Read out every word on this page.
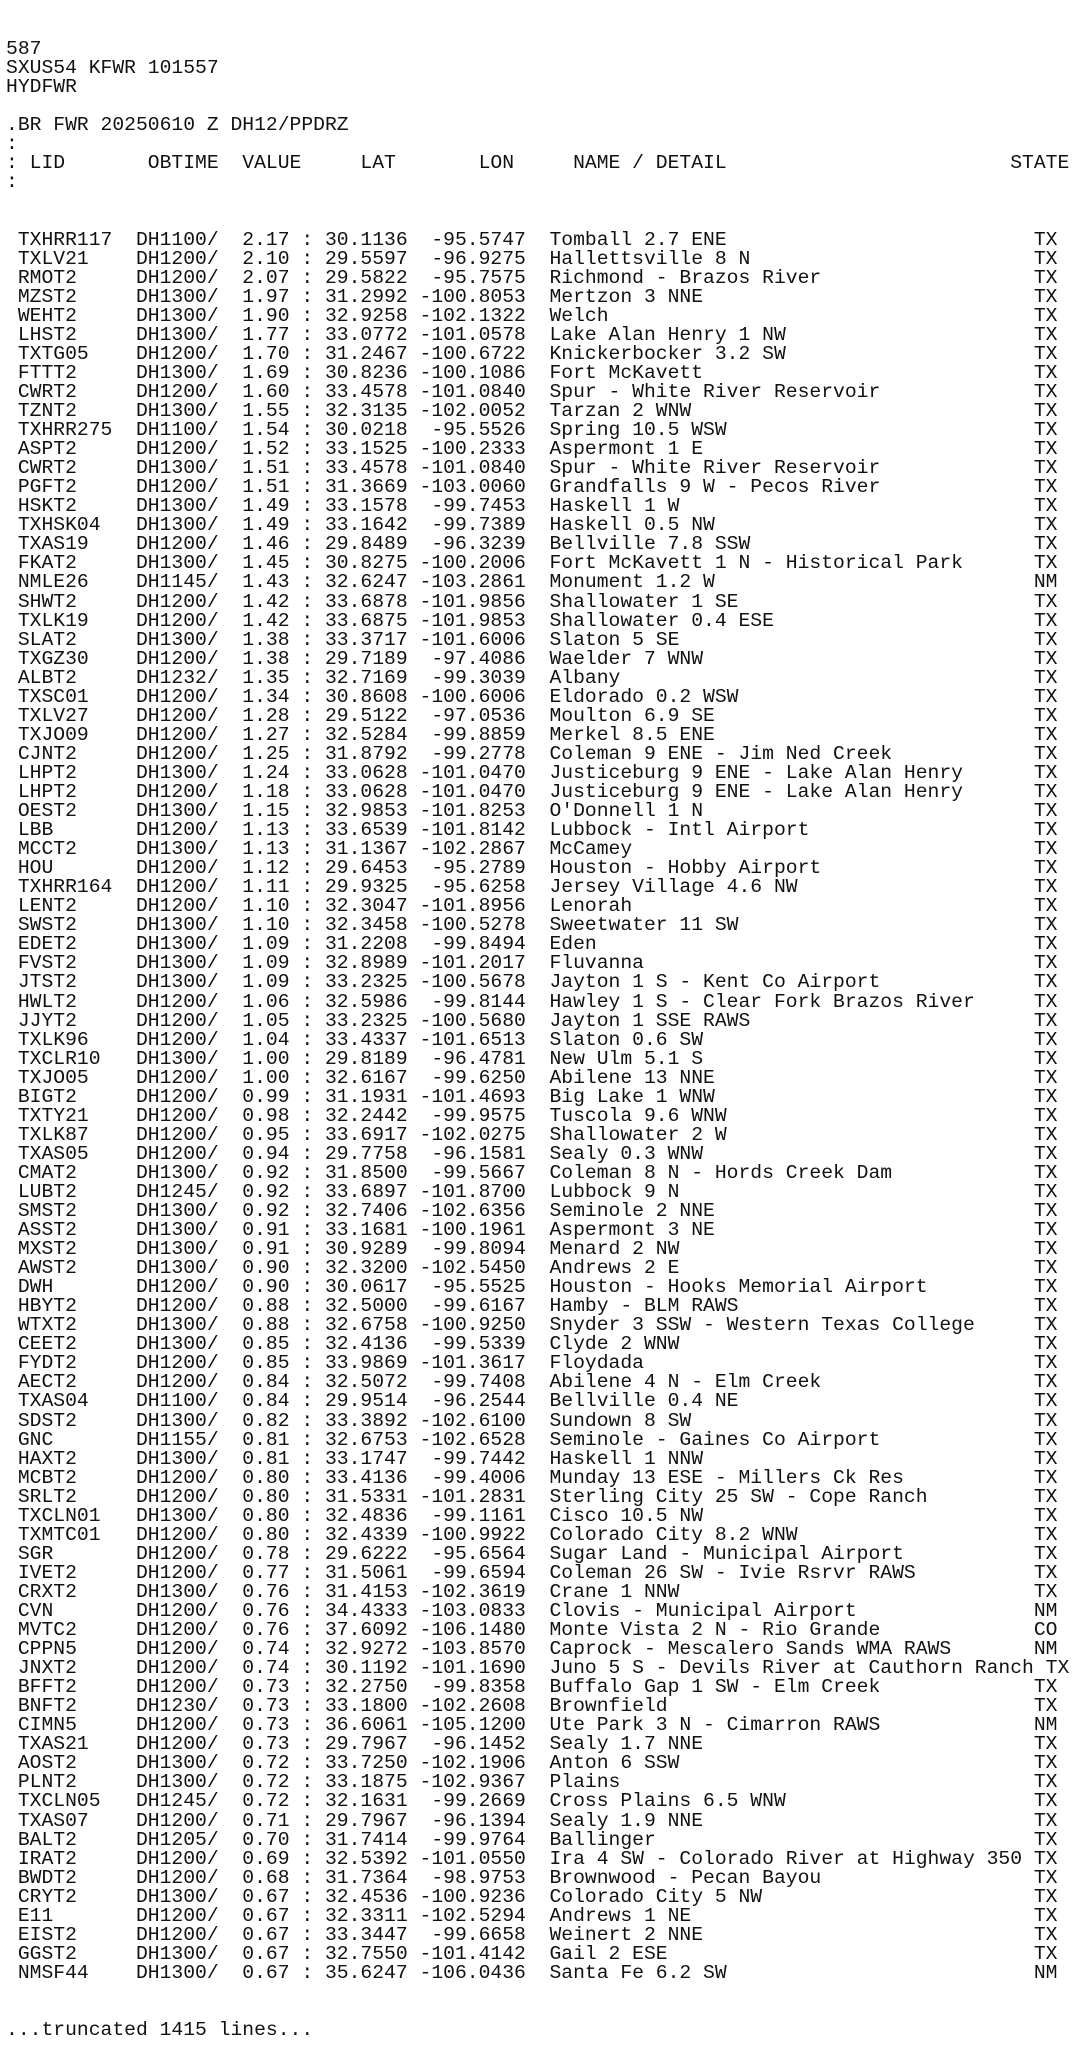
587
SXUS54 KFWR 101557
HYDFWR
.BR FWR 20250610 Z DH12/PPDRZ
:
: LID       OBTIME  VALUE     LAT       LON     NAME / DETAIL                        STATE
:

TXHRR117  DH1100/  2.17 : 30.1136  -95.5747  Tomball 2.7 ENE                          TX
TXLV21    DH1200/  2.10 : 29.5597  -96.9275  Hallettsville 8 N                        TX
RMOT2     DH1200/  2.07 : 29.5822  -95.7575  Richmond - Brazos River                  TX
MZST2     DH1300/  1.97 : 31.2992 -100.8053  Mertzon 3 NNE                            TX
WEHT2     DH1300/  1.90 : 32.9258 -102.1322  Welch                                    TX
LHST2     DH1300/  1.77 : 33.0772 -101.0578  Lake Alan Henry 1 NW                     TX
TXTG05    DH1200/  1.70 : 31.2467 -100.6722  Knickerbocker 3.2 SW                     TX
FTTT2     DH1300/  1.69 : 30.8236 -100.1086  Fort McKavett                            TX
CWRT2     DH1200/  1.60 : 33.4578 -101.0840  Spur - White River Reservoir             TX
TZNT2     DH1300/  1.55 : 32.3135 -102.0052  Tarzan 2 WNW                             TX
TXHRR275  DH1100/  1.54 : 30.0218  -95.5526  Spring 10.5 WSW                          TX
ASPT2     DH1200/  1.52 : 33.1525 -100.2333  Aspermont 1 E                            TX
CWRT2     DH1300/  1.51 : 33.4578 -101.0840  Spur - White River Reservoir             TX
PGFT2     DH1200/  1.51 : 31.3669 -103.0060  Grandfalls 9 W - Pecos River             TX
HSKT2     DH1300/  1.49 : 33.1578  -99.7453  Haskell 1 W                              TX
TXHSK04   DH1300/  1.49 : 33.1642  -99.7389  Haskell 0.5 NW                           TX
TXAS19    DH1200/  1.46 : 29.8489  -96.3239  Bellville 7.8 SSW                        TX
FKAT2     DH1300/  1.45 : 30.8275 -100.2006  Fort McKavett 1 N - Historical Park      TX
NMLE26    DH1145/  1.43 : 32.6247 -103.2861  Monument 1.2 W                           NM
SHWT2     DH1200/  1.42 : 33.6878 -101.9856  Shallowater 1 SE                         TX
TXLK19    DH1200/  1.42 : 33.6875 -101.9853  Shallowater 0.4 ESE                      TX
SLAT2     DH1300/  1.38 : 33.3717 -101.6006  Slaton 5 SE                              TX
TXGZ30    DH1200/  1.38 : 29.7189  -97.4086  Waelder 7 WNW                            TX
ALBT2     DH1232/  1.35 : 32.7169  -99.3039  Albany                                   TX
TXSC01    DH1200/  1.34 : 30.8608 -100.6006  Eldorado 0.2 WSW                         TX
TXLV27    DH1200/  1.28 : 29.5122  -97.0536  Moulton 6.9 SE                           TX
TXJO09    DH1200/  1.27 : 32.5284  -99.8859  Merkel 8.5 ENE                           TX
CJNT2     DH1200/  1.25 : 31.8792  -99.2778  Coleman 9 ENE - Jim Ned Creek            TX
LHPT2     DH1300/  1.24 : 33.0628 -101.0470  Justiceburg 9 ENE - Lake Alan Henry      TX
LHPT2     DH1200/  1.18 : 33.0628 -101.0470  Justiceburg 9 ENE - Lake Alan Henry      TX
OEST2     DH1300/  1.15 : 32.9853 -101.8253  O'Donnell 1 N                            TX
LBB       DH1200/  1.13 : 33.6539 -101.8142  Lubbock - Intl Airport                   TX
MCCT2     DH1300/  1.13 : 31.1367 -102.2867  McCamey                                  TX
HOU       DH1200/  1.12 : 29.6453  -95.2789  Houston - Hobby Airport                  TX
TXHRR164  DH1200/  1.11 : 29.9325  -95.6258  Jersey Village 4.6 NW                    TX
LENT2     DH1200/  1.10 : 32.3047 -101.8956  Lenorah                                  TX
SWST2     DH1300/  1.10 : 32.3458 -100.5278  Sweetwater 11 SW                         TX
EDET2     DH1300/  1.09 : 31.2208  -99.8494  Eden                                     TX
FVST2     DH1300/  1.09 : 32.8989 -101.2017  Fluvanna                                 TX
JTST2     DH1300/  1.09 : 33.2325 -100.5678  Jayton 1 S - Kent Co Airport             TX
HWLT2     DH1200/  1.06 : 32.5986  -99.8144  Hawley 1 S - Clear Fork Brazos River     TX
JJYT2     DH1200/  1.05 : 33.2325 -100.5680  Jayton 1 SSE RAWS                        TX
TXLK96    DH1200/  1.04 : 33.4337 -101.6513  Slaton 0.6 SW                            TX
TXCLR10   DH1300/  1.00 : 29.8189  -96.4781  New Ulm 5.1 S                            TX
TXJO05    DH1200/  1.00 : 32.6167  -99.6250  Abilene 13 NNE                           TX
BIGT2     DH1200/  0.99 : 31.1931 -101.4693  Big Lake 1 WNW                           TX
TXTY21    DH1200/  0.98 : 32.2442  -99.9575  Tuscola 9.6 WNW                          TX
TXLK87    DH1200/  0.95 : 33.6917 -102.0275  Shallowater 2 W                          TX
TXAS05    DH1200/  0.94 : 29.7758  -96.1581  Sealy 0.3 WNW                            TX
CMAT2     DH1300/  0.92 : 31.8500  -99.5667  Coleman 8 N - Hords Creek Dam            TX
LUBT2     DH1245/  0.92 : 33.6897 -101.8700  Lubbock 9 N                              TX
SMST2     DH1300/  0.92 : 32.7406 -102.6356  Seminole 2 NNE                           TX
ASST2     DH1300/  0.91 : 33.1681 -100.1961  Aspermont 3 NE                           TX
MXST2     DH1300/  0.91 : 30.9289  -99.8094  Menard 2 NW                              TX
AWST2     DH1300/  0.90 : 32.3200 -102.5450  Andrews 2 E                              TX
DWH       DH1200/  0.90 : 30.0617  -95.5525  Houston - Hooks Memorial Airport         TX
HBYT2     DH1200/  0.88 : 32.5000  -99.6167  Hamby - BLM RAWS                         TX
WTXT2     DH1300/  0.88 : 32.6758 -100.9250  Snyder 3 SSW - Western Texas College     TX
CEET2     DH1300/  0.85 : 32.4136  -99.5339  Clyde 2 WNW                              TX
FYDT2     DH1200/  0.85 : 33.9869 -101.3617  Floydada                                 TX
AECT2     DH1200/  0.84 : 32.5072  -99.7408  Abilene 4 N - Elm Creek                  TX
TXAS04    DH1100/  0.84 : 29.9514  -96.2544  Bellville 0.4 NE                         TX
SDST2     DH1300/  0.82 : 33.3892 -102.6100  Sundown 8 SW                             TX
GNC       DH1155/  0.81 : 32.6753 -102.6528  Seminole - Gaines Co Airport             TX
HAXT2     DH1300/  0.81 : 33.1747  -99.7442  Haskell 1 NNW                            TX
MCBT2     DH1200/  0.80 : 33.4136  -99.4006  Munday 13 ESE - Millers Ck Res           TX
SRLT2     DH1200/  0.80 : 31.5331 -101.2831  Sterling City 25 SW - Cope Ranch         TX
TXCLN01   DH1300/  0.80 : 32.4836  -99.1161  Cisco 10.5 NW                            TX
TXMTC01   DH1200/  0.80 : 32.4339 -100.9922  Colorado City 8.2 WNW                    TX
SGR       DH1200/  0.78 : 29.6222  -95.6564  Sugar Land - Municipal Airport           TX
IVET2     DH1200/  0.77 : 31.5061  -99.6594  Coleman 26 SW - Ivie Rsrvr RAWS          TX
CRXT2     DH1300/  0.76 : 31.4153 -102.3619  Crane 1 NNW                              TX
CVN       DH1200/  0.76 : 34.4333 -103.0833  Clovis - Municipal Airport               NM
MVTC2     DH1200/  0.76 : 37.6092 -106.1480  Monte Vista 2 N - Rio Grande             CO
CPPN5     DH1200/  0.74 : 32.9272 -103.8570  Caprock - Mescalero Sands WMA RAWS       NM
JNXT2     DH1200/  0.74 : 30.1192 -101.1690  Juno 5 S - Devils River at Cauthorn Ranch TX
BFFT2     DH1200/  0.73 : 32.2750  -99.8358  Buffalo Gap 1 SW - Elm Creek             TX
BNFT2     DH1230/  0.73 : 33.1800 -102.2608  Brownfield                               TX
CIMN5     DH1200/  0.73 : 36.6061 -105.1200  Ute Park 3 N - Cimarron RAWS             NM
TXAS21    DH1200/  0.73 : 29.7967  -96.1452  Sealy 1.7 NNE                            TX
AOST2     DH1300/  0.72 : 33.7250 -102.1906  Anton 6 SSW                              TX
PLNT2     DH1300/  0.72 : 33.1875 -102.9367  Plains                                   TX
TXCLN05   DH1245/  0.72 : 32.1631  -99.2669  Cross Plains 6.5 WNW                     TX
TXAS07    DH1200/  0.71 : 29.7967  -96.1394  Sealy 1.9 NNE                            TX
BALT2     DH1205/  0.70 : 31.7414  -99.9764  Ballinger                                TX
IRAT2     DH1200/  0.69 : 32.5392 -101.0550  Ira 4 SW - Colorado River at Highway 350 TX
BWDT2     DH1200/  0.68 : 31.7364  -98.9753  Brownwood - Pecan Bayou                  TX
CRYT2     DH1300/  0.67 : 32.4536 -100.9236  Colorado City 5 NW                       TX
E11       DH1200/  0.67 : 32.3311 -102.5294  Andrews 1 NE                             TX
EIST2     DH1200/  0.67 : 33.3447  -99.6658  Weinert 2 NNE                            TX
GGST2     DH1300/  0.67 : 32.7550 -101.4142  Gail 2 ESE                               TX
NMSF44    DH1300/  0.67 : 35.6247 -106.0436  Santa Fe 6.2 SW                          NM

...truncated 1415 lines...
